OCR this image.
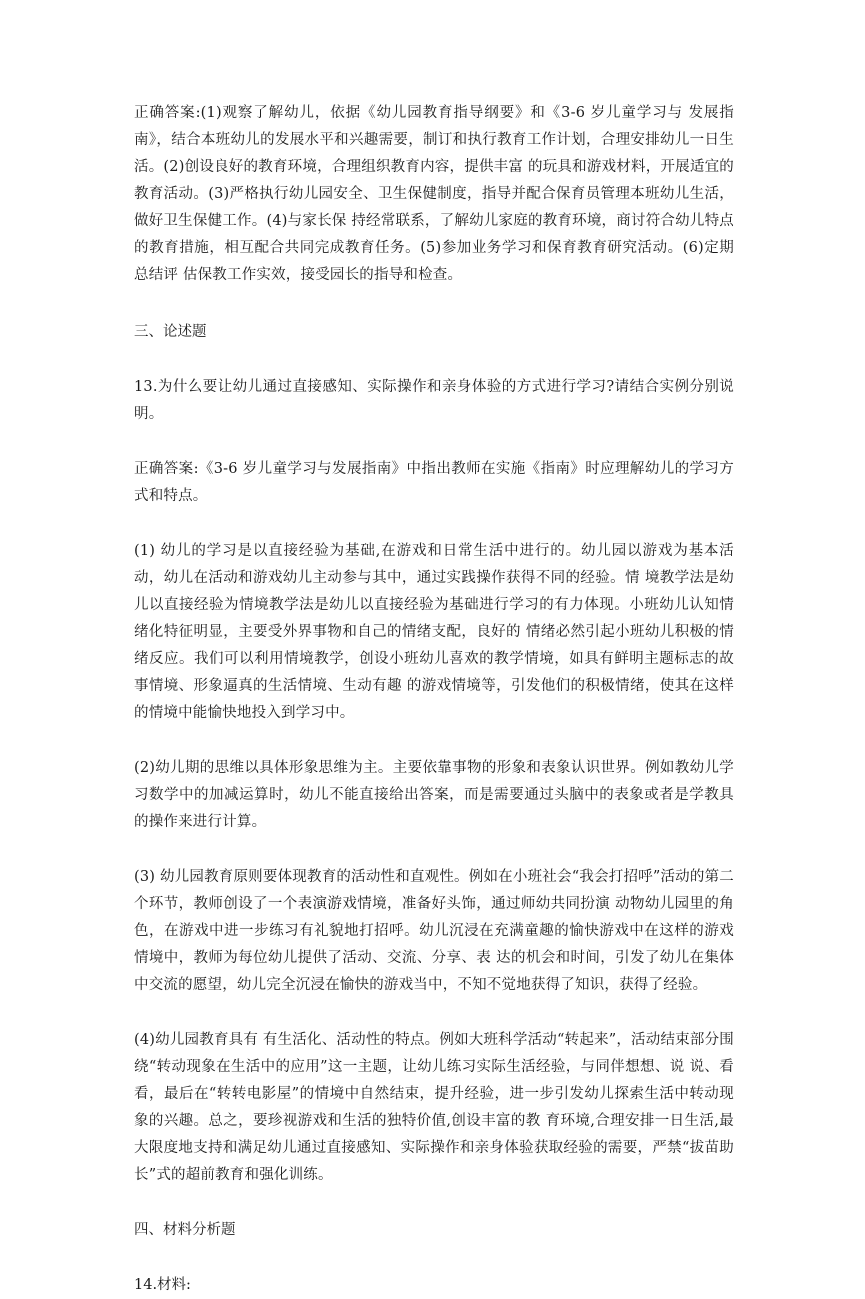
正确答案:(1)观察了解幼儿，依据《幼儿园教育指导纲要》和《3-6 岁儿童学习与 发展指南》，结合本班幼儿的发展水平和兴趣需要，制订和执行教育工作计划，合理安排幼儿一日生活。(2)创设良好的教育环境，合理组织教育内容，提供丰富 的玩具和游戏材料，开展适宜的教育活动。(3)严格执行幼儿园安全、卫生保健制度，指导并配合保育员管理本班幼儿生活，做好卫生保健工作。(4)与家长保 持经常联系，了解幼儿家庭的教育环境，商讨符合幼儿特点的教育措施，相互配合共同完成教育任务。(5)参加业务学习和保育教育研究活动。(6)定期总结评 估保教工作实效，接受园长的指导和检查。

三、论述题

13.为什么要让幼儿通过直接感知、实际操作和亲身体验的方式进行学习?请结合实例分别说明。

正确答案:《3-6 岁儿童学习与发展指南》中指出教师在实施《指南》时应理解幼儿的学习方式和特点。

(1) 幼儿的学习是以直接经验为基础,在游戏和日常生活中进行的。幼儿园以游戏为基本活动，幼儿在活动和游戏幼儿主动参与其中，通过实践操作获得不同的经验。情 境教学法是幼儿以直接经验为情境教学法是幼儿以直接经验为基础进行学习的有力体现。小班幼儿认知情绪化特征明显，主要受外界事物和自己的情绪支配，良好的 情绪必然引起小班幼儿积极的情绪反应。我们可以利用情境教学，创设小班幼儿喜欢的教学情境，如具有鲜明主题标志的故事情境、形象逼真的生活情境、生动有趣 的游戏情境等，引发他们的积极情绪，使其在这样的情境中能愉快地投入到学习中。

(2)幼儿期的思维以具体形象思维为主。主要依靠事物的形象和表象认识世界。例如教幼儿学习数学中的加减运算时，幼儿不能直接给出答案，而是需要通过头脑中的表象或者是学教具的操作来进行计算。

(3) 幼儿园教育原则要体现教育的活动性和直观性。例如在小班社会“我会打招呼”活动的第二个环节，教师创设了一个表演游戏情境，准备好头饰，通过师幼共同扮演 动物幼儿园里的角色，在游戏中进一步练习有礼貌地打招呼。幼儿沉浸在充满童趣的愉快游戏中在这样的游戏情境中，教师为每位幼儿提供了活动、交流、分享、表 达的机会和时间，引发了幼儿在集体中交流的愿望，幼儿完全沉浸在愉快的游戏当中，不知不觉地获得了知识，获得了经验。

(4)幼儿园教育具有 有生活化、活动性的特点。例如大班科学活动“转起来”，活动结束部分围绕“转动现象在生活中的应用”这一主题，让幼儿练习实际生活经验，与同伴想想、说 说、看看，最后在“转转电影屋”的情境中自然结束，提升经验，进一步引发幼儿探索生活中转动现象的兴趣。总之，要珍视游戏和生活的独特价值,创设丰富的教 育环境,合理安排一日生活,最大限度地支持和满足幼儿通过直接感知、实际操作和亲身体验获取经验的需要，严禁“拔苗助长”式的超前教育和强化训练。

四、材料分析题

14.材料:
